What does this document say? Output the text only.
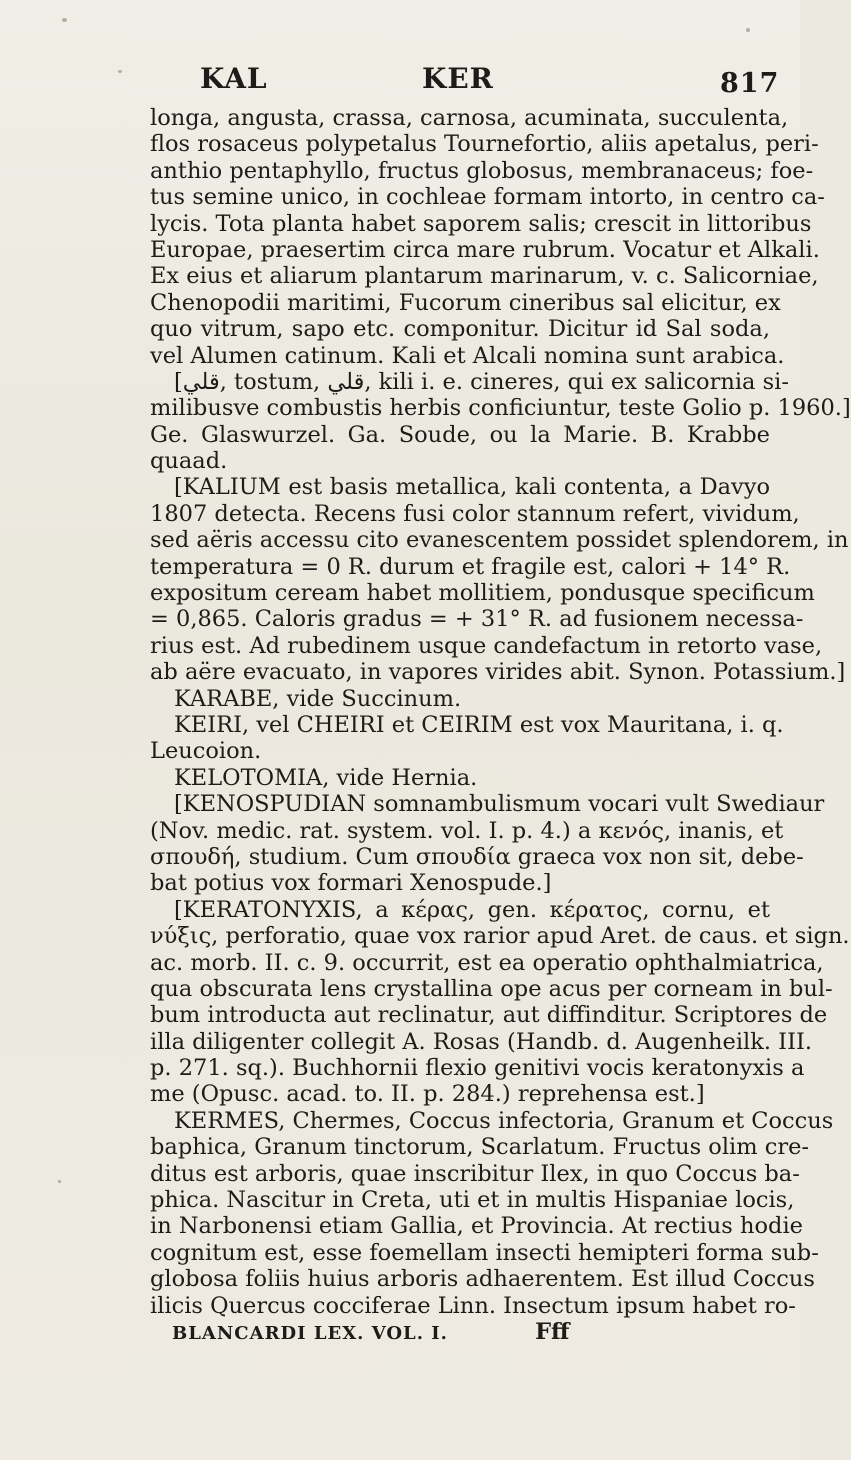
KAL	KER	817
longa, angusta, crassa, carnosa, acuminata, succulenta,
flos rosaceus polypetalus Tournefortio, aliis apetalus, peri-
anthio pentaphyllo, fructus globosus, membranaceus; foe-
tus semine unico, in cochleae formam intorto, in centro ca-
lycis. Tota planta habet saporem salis; crescit in littoribus
Europae, praesertim circa mare rubrum. Vocatur et Alkali.
Ex eius et aliarum plantarum marinarum, v. c. Salicorniae,
Chenopodii maritimi, Fucorum cineribus sal elicitur, ex
quo vitrum, sapo etc. componitur. Dicitur id Sal soda,
vel Alumen catinum. Kali et Alcali nomina sunt arabica.
[قلي, tostum, قلي, kili i. e. cineres, qui ex salicornia si-
milibusve combustis herbis conficiuntur, teste Golio p. 1960.]
Ge. Glaswurzel. Ga. Soude, ou la Marie. B. Krabbe
quaad.
[KALIUM est basis metallica, kali contenta, a Davyo
1807 detecta. Recens fusi color stannum refert, vividum,
sed aëris accessu cito evanescentem possidet splendorem, in
temperatura = 0 R. durum et fragile est, calori + 14° R.
expositum ceream habet mollitiem, pondusque specificum
= 0,865. Caloris gradus = + 31° R. ad fusionem necessa-
rius est. Ad rubedinem usque candefactum in retorto vase,
ab aëre evacuato, in vapores virides abit. Synon. Potassium.]
KARABE, vide Succinum.
KEIRI, vel CHEIRI et CEIRIM est vox Mauritana, i. q.
Leucoion.
KELOTOMIA, vide Hernia.
[KENOSPUDIAN somnambulismum vocari vult Swediaur
(Nov. medic. rat. system. vol. I. p. 4.) a κενός, inanis, et
σπουδή, studium. Cum σπουδία graeca vox non sit, debe-
bat potius vox formari Xenospude.]
[KERATONYXIS, a κέρας, gen. κέρατος, cornu, et
νύξις, perforatio, quae vox rarior apud Aret. de caus. et sign.
ac. morb. II. c. 9. occurrit, est ea operatio ophthalmiatrica,
qua obscurata lens crystallina ope acus per corneam in bul-
bum introducta aut reclinatur, aut diffinditur. Scriptores de
illa diligenter collegit A. Rosas (Handb. d. Augenheilk. III.
p. 271. sq.). Buchhornii flexio genitivi vocis keratonyxis a
me (Opusc. acad. to. II. p. 284.) reprehensa est.]
KERMES, Chermes, Coccus infectoria, Granum et Coccus
baphica, Granum tinctorum, Scarlatum. Fructus olim cre-
ditus est arboris, quae inscribitur Ilex, in quo Coccus ba-
phica. Nascitur in Creta, uti et in multis Hispaniae locis,
in Narbonensi etiam Gallia, et Provincia. At rectius hodie
cognitum est, esse foemellam insecti hemipteri forma sub-
globosa foliis huius arboris adhaerentem. Est illud Coccus
ilicis Quercus cocciferae Linn. Insectum ipsum habet ro-
BLANCARDI LEX. VOL. I.	Fff
